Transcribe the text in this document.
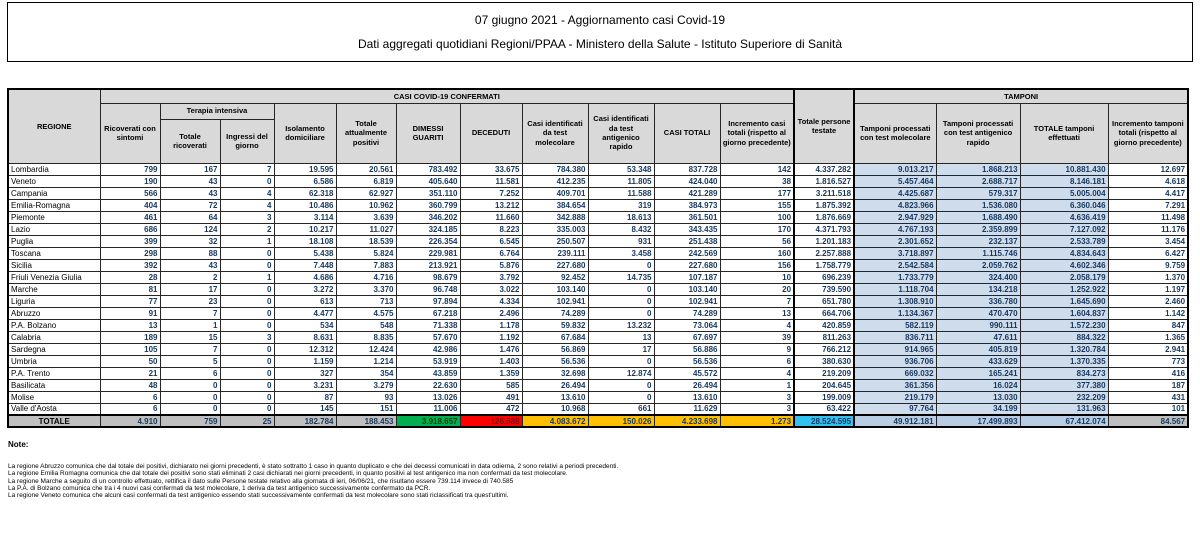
07 giugno 2021 - Aggiornamento casi Covid-19
Dati aggregati quotidiani Regioni/PPAA - Ministero della Salute - Istituto Superiore di Sanità
REGIONE	CASI COVID-19 CONFERMATI											Totale persone testate	TAMPONI			
	Ricoverati con sintomi	Terapia intensiva		Isolamento domiciliare	Totale attualmente positivi	DIMESSI GUARITI	DECEDUTI	Casi identificati da test molecolare	Casi identificati da test antigenico rapido	CASI TOTALI	Incremento casi totali (rispetto al giorno precedente)		Tamponi processati con test molecolare	Tamponi processati con test antigenico rapido	TOTALE tamponi effettuati	Incremento tamponi totali (rispetto al giorno precedente)
		Totale ricoverati	Ingressi del giorno													
Lombardia	799	167	7	19.595	20.561	783.492	33.675	784.380	53.348	837.728	142	4.337.282	9.013.217	1.868.213	10.881.430	12.697
Veneto	190	43	0	6.586	6.819	405.640	11.581	412.235	11.805	424.040	38	1.816.527	5.457.464	2.688.717	8.146.181	4.618
Campania	566	43	4	62.318	62.927	351.110	7.252	409.701	11.588	421.289	177	3.211.518	4.425.687	579.317	5.005.004	4.417
Emilia-Romagna	404	72	4	10.486	10.962	360.799	13.212	384.654	319	384.973	155	1.875.392	4.823.966	1.536.080	6.360.046	7.291
Piemonte	461	64	3	3.114	3.639	346.202	11.660	342.888	18.613	361.501	100	1.876.669	2.947.929	1.688.490	4.636.419	11.498
Lazio	686	124	2	10.217	11.027	324.185	8.223	335.003	8.432	343.435	170	4.371.793	4.767.193	2.359.899	7.127.092	11.176
Puglia	399	32	1	18.108	18.539	226.354	6.545	250.507	931	251.438	56	1.201.183	2.301.652	232.137	2.533.789	3.454
Toscana	298	88	0	5.438	5.824	229.981	6.764	239.111	3.458	242.569	160	2.257.888	3.718.897	1.115.746	4.834.643	6.427
Sicilia	392	43	0	7.448	7.883	213.921	5.876	227.680	0	227.680	156	1.758.779	2.542.584	2.059.762	4.602.346	9.759
Friuli Venezia Giulia	28	2	1	4.686	4.716	98.679	3.792	92.452	14.735	107.187	10	696.239	1.733.779	324.400	2.058.179	1.370
Marche	81	17	0	3.272	3.370	96.748	3.022	103.140	0	103.140	20	739.590	1.118.704	134.218	1.252.922	1.197
Liguria	77	23	0	613	713	97.894	4.334	102.941	0	102.941	7	651.780	1.308.910	336.780	1.645.690	2.460
Abruzzo	91	7	0	4.477	4.575	67.218	2.496	74.289	0	74.289	13	664.706	1.134.367	470.470	1.604.837	1.142
P.A. Bolzano	13	1	0	534	548	71.338	1.178	59.832	13.232	73.064	4	420.859	582.119	990.111	1.572.230	847
Calabria	189	15	3	8.631	8.835	57.670	1.192	67.684	13	67.697	39	811.263	836.711	47.611	884.322	1.365
Sardegna	105	7	0	12.312	12.424	42.986	1.476	56.869	17	56.886	9	766.212	914.965	405.819	1.320.784	2.941
Umbria	50	5	0	1.159	1.214	53.919	1.403	56.536	0	56.536	6	380.630	936.706	433.629	1.370.335	773
P.A. Trento	21	6	0	327	354	43.859	1.359	32.698	12.874	45.572	4	219.209	669.032	165.241	834.273	416
Basilicata	48	0	0	3.231	3.279	22.630	585	26.494	0	26.494	1	204.645	361.356	16.024	377.380	187
Molise	6	0	0	87	93	13.026	491	13.610	0	13.610	3	199.009	219.179	13.030	232.209	431
Valle d'Aosta	6	0	0	145	151	11.006	472	10.968	661	11.629	3	63.422	97.764	34.199	131.963	101
TOTALE	4.910	759	25	182.784	188.453	3.918.657	126.588	4.083.672	150.026	4.233.698	1.273	28.524.595	49.912.181	17.499.893	67.412.074	84.567
Note:
La regione Abruzzo comunica che dal totale dei positivi, dichiarato nei giorni precedenti, è stato sottratto 1 caso in quanto duplicato e che dei decessi comunicati in data odierna, 2 sono relativi a periodi precedenti.
La regione Emilia Romagna comunica che dal totale dei positivi sono stati eliminati 2 casi dichiarati nei giorni precedenti, in quanto positivi al test antigenico ma non confermati da test molecolare.
La regione Marche a seguito di un controllo effettuato, rettifica il dato sulle Persone testate relativo alla giornata di ieri, 06/06/21, che risultano essere 739.114 invece di 740.585
La P.A. di Bolzano comunica che tra i 4 nuovi casi confermati da test molecolare, 1 deriva da test antigenico successivamente confermato da PCR.
La regione Veneto comunica che alcuni casi confermati da test antigenico essendo stati successivamente confermati da test molecolare sono stati riclassificati tra quest'ultimi.
